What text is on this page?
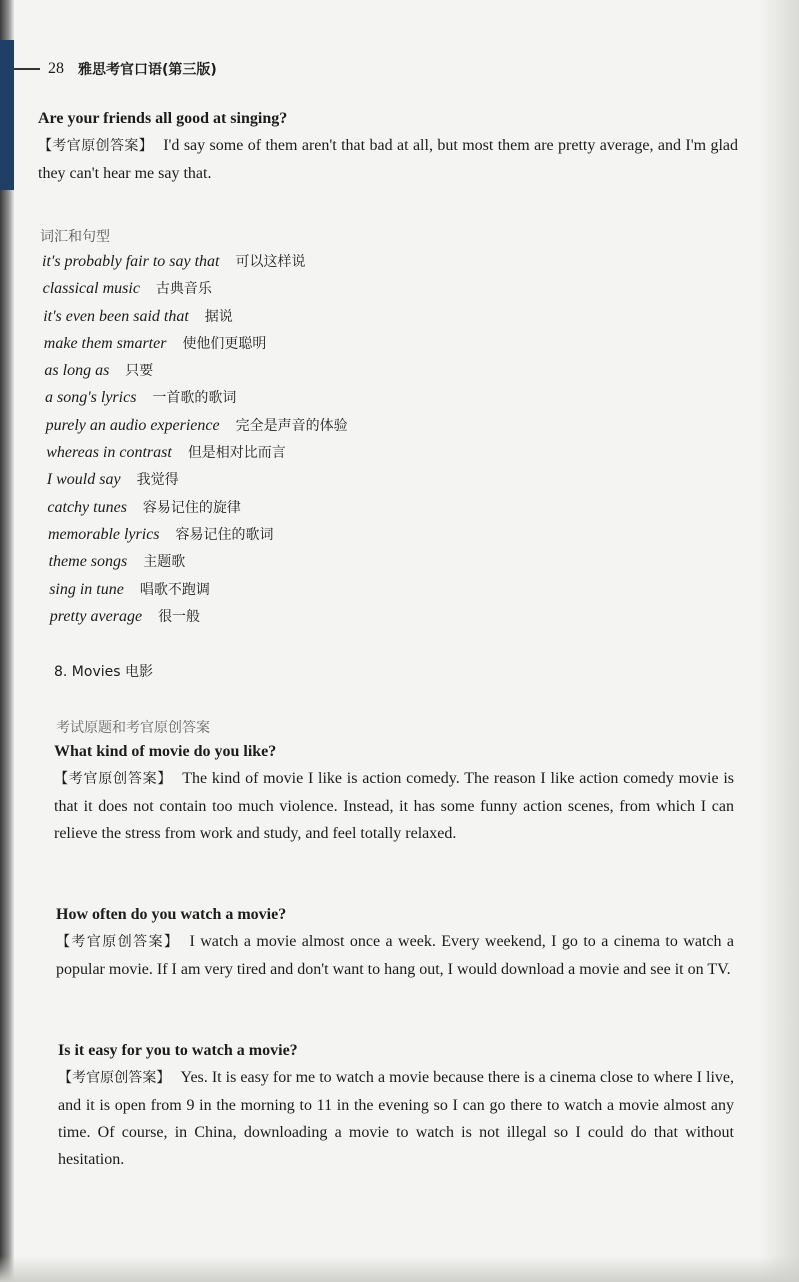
28 雅思考官口语(第三版)

Are your friends all good at singing?

【考官原创答案】 I'd say some of them aren't that bad at all, but most them are pretty average, and I'm glad they can't hear me say that.

词汇和句型
it's probably fair to say that 可以这样说
classical music 古典音乐
it's even been said that 据说
make them smarter 使他们更聪明
as long as 只要
a song's lyrics 一首歌的歌词
purely an audio experience 完全是声音的体验
whereas in contrast 但是相对比而言
I would say 我觉得
catchy tunes 容易记住的旋律
memorable lyrics 容易记住的歌词
theme songs 主题歌
sing in tune 唱歌不跑调
pretty average 很一般
8. Movies 电影
考试原题和考官原创答案

What kind of movie do you like?

【考官原创答案】 The kind of movie I like is action comedy. The reason I like action comedy movie is that it does not contain too much violence. Instead, it has some funny action scenes, from which I can relieve the stress from work and study, and feel totally relaxed.

How often do you watch a movie?

【考官原创答案】 I watch a movie almost once a week. Every weekend, I go to a cinema to watch a popular movie. If I am very tired and don't want to hang out, I would download a movie and see it on TV.

Is it easy for you to watch a movie?

【考官原创答案】 Yes. It is easy for me to watch a movie because there is a cinema close to where I live, and it is open from 9 in the morning to 11 in the evening so I can go there to watch a movie almost any time. Of course, in China, downloading a movie to watch is not illegal so I could do that without hesitation.
